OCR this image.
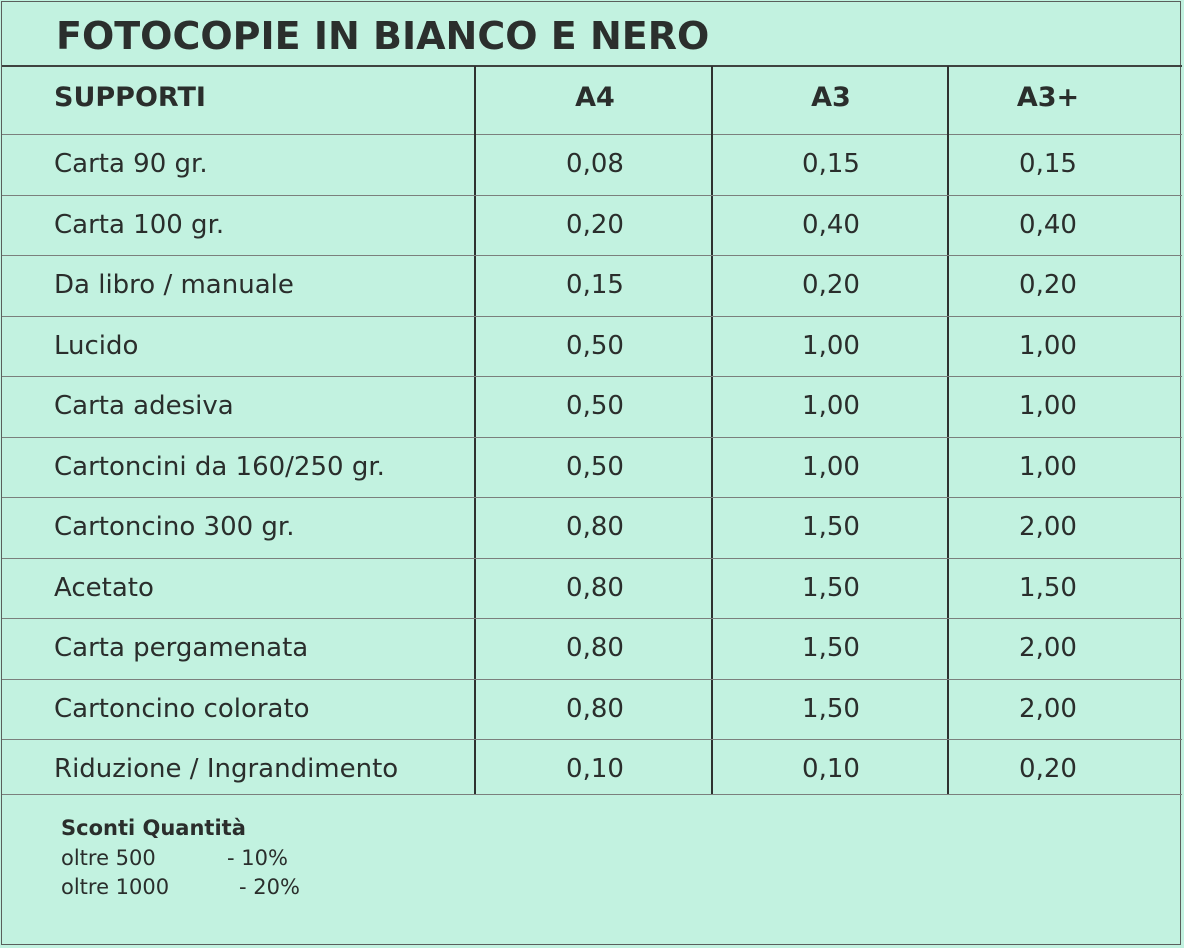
FOTOCOPIE IN BIANCO E NERO
SUPPORTI	A4	A3	A3+
Carta 90 gr.	0,08	0,15	0,15
Carta 100 gr.	0,20	0,40	0,40
Da libro / manuale	0,15	0,20	0,20
Lucido	0,50	1,00	1,00
Carta adesiva	0,50	1,00	1,00
Cartoncini da 160/250 gr.	0,50	1,00	1,00
Cartoncino 300 gr.	0,80	1,50	2,00
Acetato	0,80	1,50	1,50
Carta pergamenata	0,80	1,50	2,00
Cartoncino colorato	0,80	1,50	2,00
Riduzione / Ingrandimento	0,10	0,10	0,20
Sconti Quantità
oltre 500	- 10%
oltre 1000	- 20%
